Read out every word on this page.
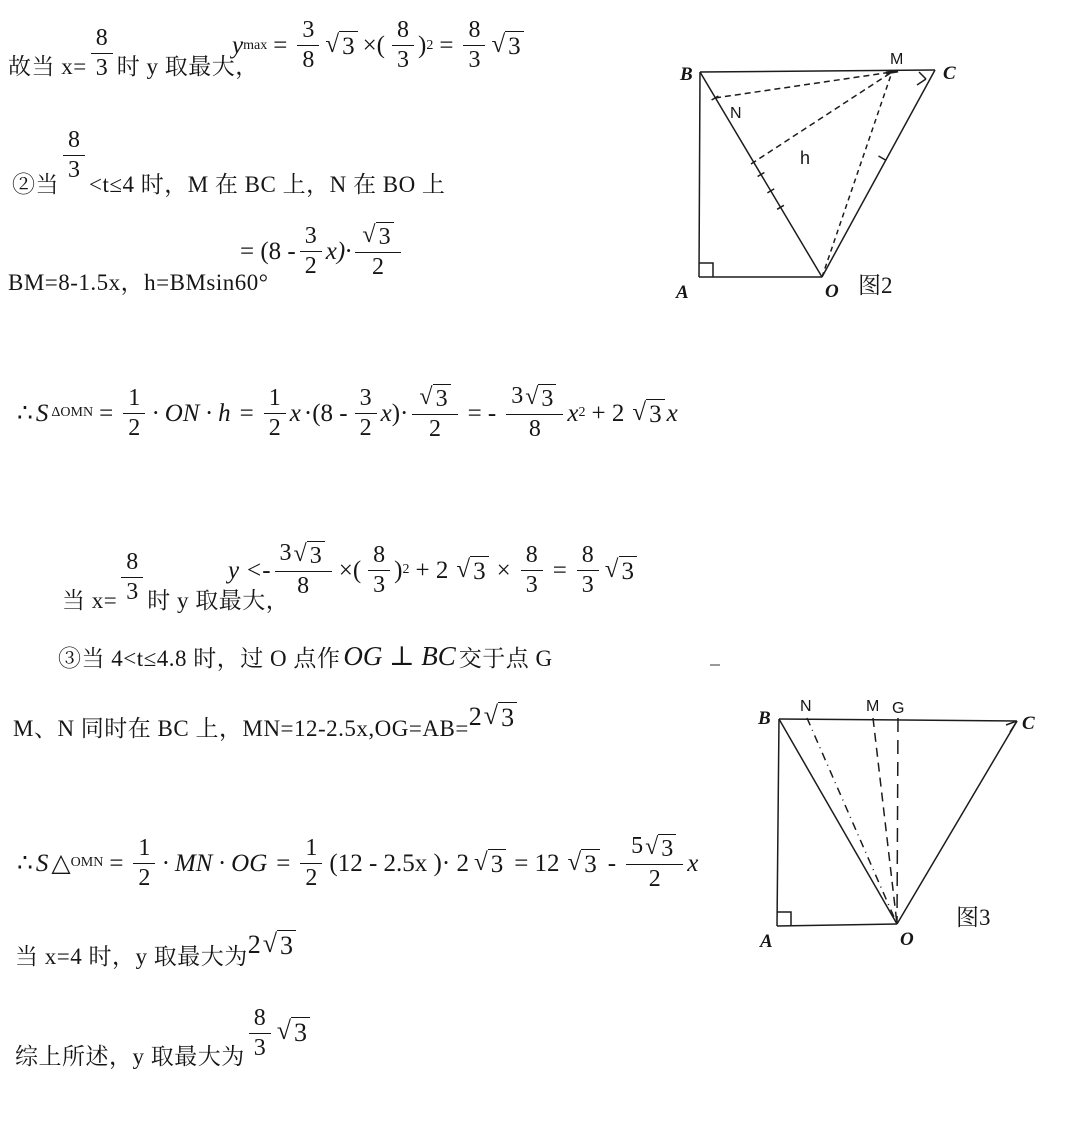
故当 $x= \frac{8}{3}$ 时 y 取最大，
y $\max = \frac{3}{8}$ √ 3 ×( $\frac{8}{3}$ ) $2 = \frac{8}{3}$ √ 3
②当
$\frac{8}{3}$
<t≤4 时，M 在 BC 上，N 在 BO 上
BM=8-1.5x，h=BMsin60°
= $(8 - \frac{3}{2} x)\cdot \frac{√ 3}{2}$
∴ S $\Delta OMN = \frac{1}{2}$ · ON · $h = \frac{1}{2}$ $x \cdot(8 - \frac{3}{2}$ x )· $\frac{√ 3}{2}$ = - $\frac{3 √ 3}{8}$ x 2 + 2 √ 3 x
当 $x= \frac{8}{3}$ 时 y 取最大，
y < - $\frac{3 √ 3}{8}$ ×( $\frac{8}{3}$ ) 2 + 2 √ $3 \times \frac{8}{3} = \frac{8}{3}$ √ 3
③当 4<t≤4.8 时，过 O 点作 OG ⊥ BC 交于点 G
M、N 同时在 BC 上，MN=12-2.5x,OG=AB= 2 √ 3
∴ S △ OMN = $\frac{1}{2}$ · MN · OG = $\frac{1}{2} (12 - 2.5x$ )· 2 √ 3 = 12 √ $3 - \frac{5 √ 3}{2}$ x
当 x=4 时，y 取最大为 2 √ 3
综上所述，y 取最大为 $\frac{8}{3}$ √ 3
B
M
C
N
h
A	O 图2
B
N	M G
C
A	O
图3
